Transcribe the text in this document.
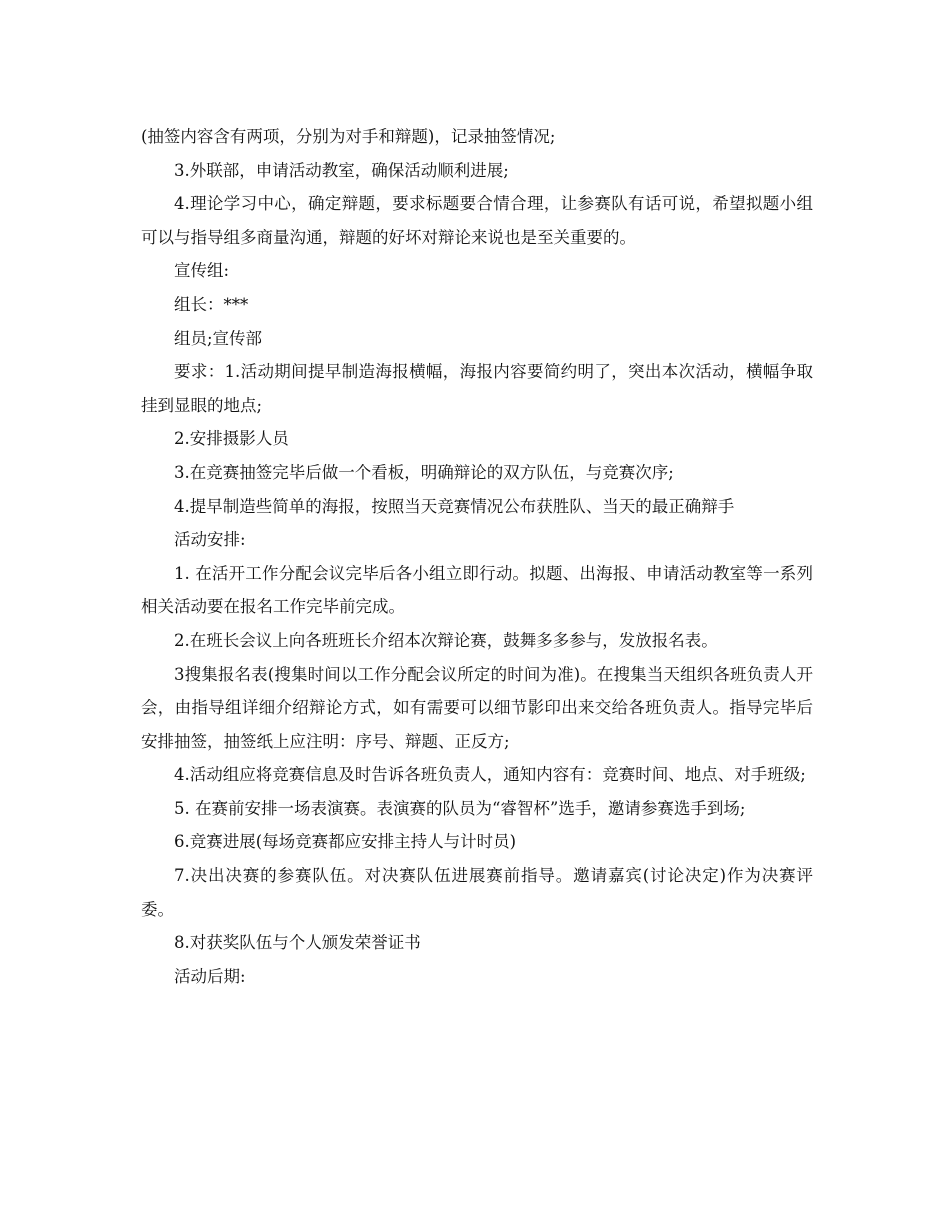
(抽签内容含有两项，分别为对手和辩题)，记录抽签情况;

3.外联部，申请活动教室，确保活动顺利进展;

4.理论学习中心，确定辩题，要求标题要合情合理，让参赛队有话可说，希望拟题小组可以与指导组多商量沟通，辩题的好坏对辩论来说也是至关重要的。

宣传组:

组长：***

组员;宣传部

要求：1.活动期间提早制造海报横幅，海报内容要简约明了，突出本次活动，横幅争取挂到显眼的地点;

2.安排摄影人员

3.在竞赛抽签完毕后做一个看板，明确辩论的双方队伍，与竞赛次序;

4.提早制造些简单的海报，按照当天竞赛情况公布获胜队、当天的最正确辩手

活动安排:

1. 在活开工作分配会议完毕后各小组立即行动。拟题、出海报、申请活动教室等一系列相关活动要在报名工作完毕前完成。

2.在班长会议上向各班班长介绍本次辩论赛，鼓舞多多参与，发放报名表。

3搜集报名表(搜集时间以工作分配会议所定的时间为准)。在搜集当天组织各班负责人开会，由指导组详细介绍辩论方式，如有需要可以细节影印出来交给各班负责人。指导完毕后安排抽签，抽签纸上应注明：序号、辩题、正反方;

4.活动组应将竞赛信息及时告诉各班负责人，通知内容有：竞赛时间、地点、对手班级;

5. 在赛前安排一场表演赛。表演赛的队员为“睿智杯”选手，邀请参赛选手到场;

6.竞赛进展(每场竞赛都应安排主持人与计时员)

7.决出决赛的参赛队伍。对决赛队伍进展赛前指导。邀请嘉宾(讨论决定)作为决赛评委。

8.对获奖队伍与个人颁发荣誉证书

活动后期:
